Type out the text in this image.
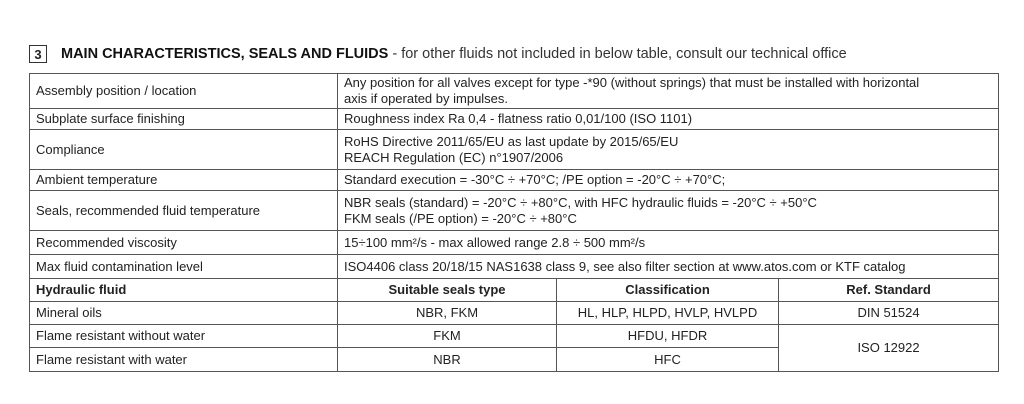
3	MAIN CHARACTERISTICS, SEALS AND FLUIDS - for other fluids not included in below table, consult our technical office
Assembly position / location	Any position for all valves except for type -*90 (without springs) that must be installed with horizontal
axis if operated by impulses.		

Subplate surface finishing	Roughness index Ra 0,4 - flatness ratio 0,01/100 (ISO 1101)		
Compliance	RoHS Directive 2011/65/EU as last update by 2015/65/EU
REACH Regulation (EC) n°1907/2006		

Ambient temperature	Standard execution = -30°C ÷ +70°C; /PE option = -20°C ÷ +70°C;		
Seals, recommended fluid temperature	NBR seals (standard) = -20°C ÷ +80°C, with HFC hydraulic fluids = -20°C ÷ +50°C
FKM seals (/PE option) = -20°C ÷ +80°C		

Recommended viscosity	15÷100 mm²/s - max allowed range 2.8 ÷ 500 mm²/s		
Max fluid contamination level	ISO4406 class 20/18/15 NAS1638 class 9, see also filter section at www.atos.com or KTF catalog		
Hydraulic fluid	Suitable seals type	Classification	Ref. Standard
Mineral oils	NBR, FKM	HL, HLP, HLPD, HVLP, HVLPD	DIN 51524
Flame resistant without water	FKM	HFDU, HFDR	ISO 12922
Flame resistant with water	NBR	HFC	
